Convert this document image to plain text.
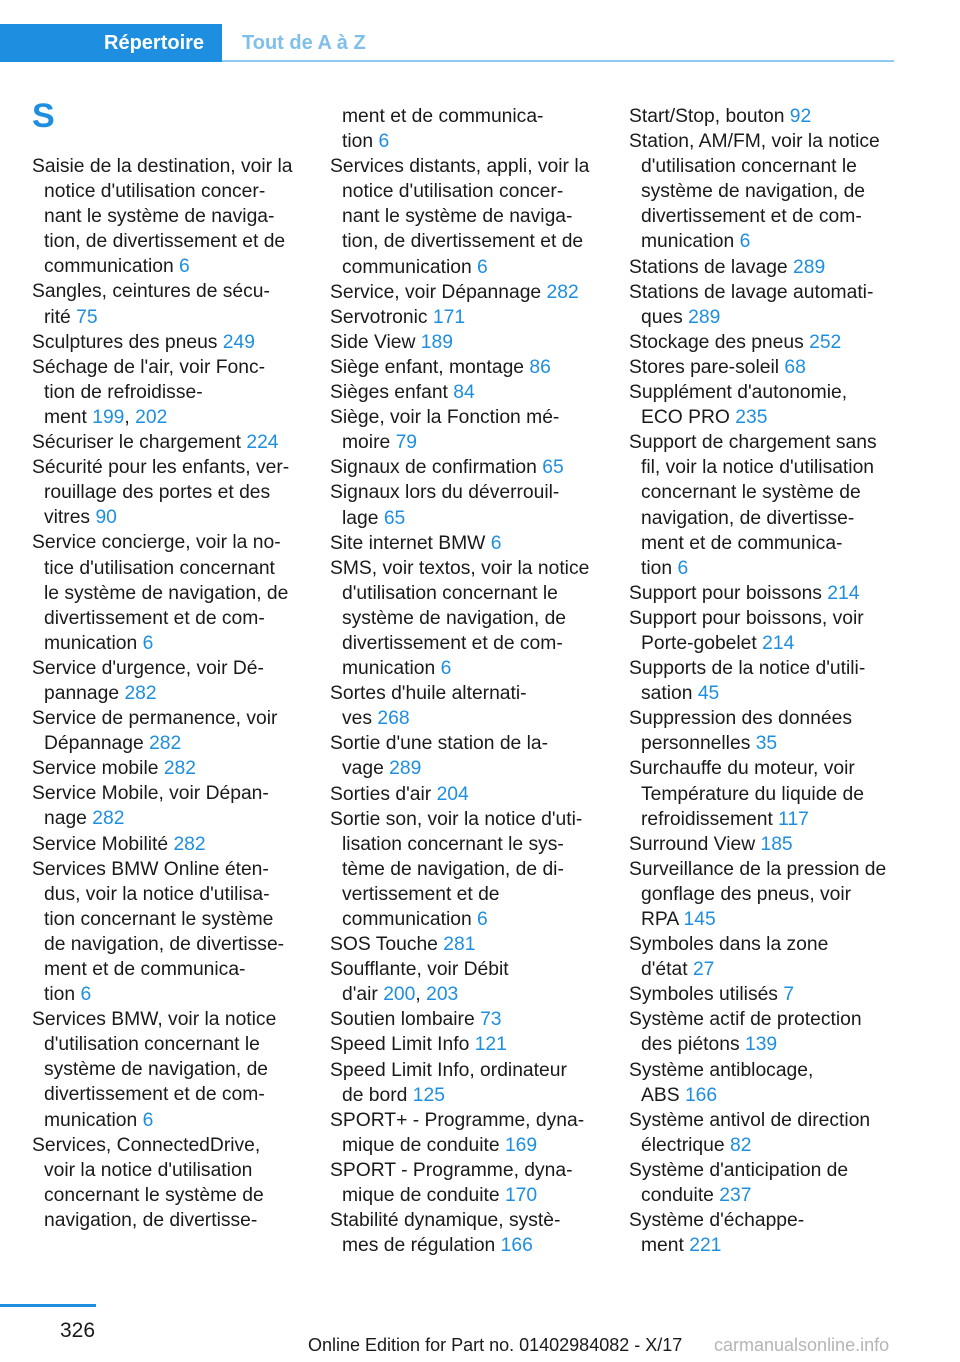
Répertoire	Tout de A à Z
S
Saisie de la destination, voir la
notice d'utilisation concer‐
nant le système de naviga‐
tion, de divertissement et de
communication 6
Sangles, ceintures de sécu‐
rité 75
Sculptures des pneus 249
Séchage de l'air, voir Fonc‐
tion de refroidisse‐
ment 199, 202
Sécuriser le chargement 224
Sécurité pour les enfants, ver‐
rouillage des portes et des
vitres 90
Service concierge, voir la no‐
tice d'utilisation concernant
le système de navigation, de
divertissement et de com‐
munication 6
Service d'urgence, voir Dé‐
pannage 282
Service de permanence, voir
Dépannage 282
Service mobile 282
Service Mobile, voir Dépan‐
nage 282
Service Mobilité 282
Services BMW Online éten‐
dus, voir la notice d'utilisa‐
tion concernant le système
de navigation, de divertisse‐
ment et de communica‐
tion 6
Services BMW, voir la notice
d'utilisation concernant le
système de navigation, de
divertissement et de com‐
munication 6
Services, ConnectedDrive,
voir la notice d'utilisation
concernant le système de
navigation, de divertisse‐
ment et de communica‐
tion 6
Services distants, appli, voir la
notice d'utilisation concer‐
nant le système de naviga‐
tion, de divertissement et de
communication 6
Service, voir Dépannage 282
Servotronic 171
Side View 189
Siège enfant, montage 86
Sièges enfant 84
Siège, voir la Fonction mé‐
moire 79
Signaux de confirmation 65
Signaux lors du déverrouil‐
lage 65
Site internet BMW 6
SMS, voir textos, voir la notice
d'utilisation concernant le
système de navigation, de
divertissement et de com‐
munication 6
Sortes d'huile alternati‐
ves 268
Sortie d'une station de la‐
vage 289
Sorties d'air 204
Sortie son, voir la notice d'uti‐
lisation concernant le sys‐
tème de navigation, de di‐
vertissement et de
communication 6
SOS Touche 281
Soufflante, voir Débit
d'air 200, 203
Soutien lombaire 73
Speed Limit Info 121
Speed Limit Info, ordinateur
de bord 125
SPORT+ - Programme, dyna‐
mique de conduite 169
SPORT - Programme, dyna‐
mique de conduite 170
Stabilité dynamique, systè‐
mes de régulation 166
Start/Stop, bouton 92
Station, AM/FM, voir la notice
d'utilisation concernant le
système de navigation, de
divertissement et de com‐
munication 6
Stations de lavage 289
Stations de lavage automati‐
ques 289
Stockage des pneus 252
Stores pare-soleil 68
Supplément d'autonomie,
ECO PRO 235
Support de chargement sans
fil, voir la notice d'utilisation
concernant le système de
navigation, de divertisse‐
ment et de communica‐
tion 6
Support pour boissons 214
Support pour boissons, voir
Porte-gobelet 214
Supports de la notice d'utili‐
sation 45
Suppression des données
personnelles 35
Surchauffe du moteur, voir
Température du liquide de
refroidissement 117
Surround View 185
Surveillance de la pression de
gonflage des pneus, voir
RPA 145
Symboles dans la zone
d'état 27
Symboles utilisés 7
Système actif de protection
des piétons 139
Système antiblocage,
ABS 166
Système antivol de direction
électrique 82
Système d'anticipation de
conduite 237
Système d'échappe‐
ment 221
326
Online Edition for Part no. 01402984082 - X/17 carmanualsonline.info
